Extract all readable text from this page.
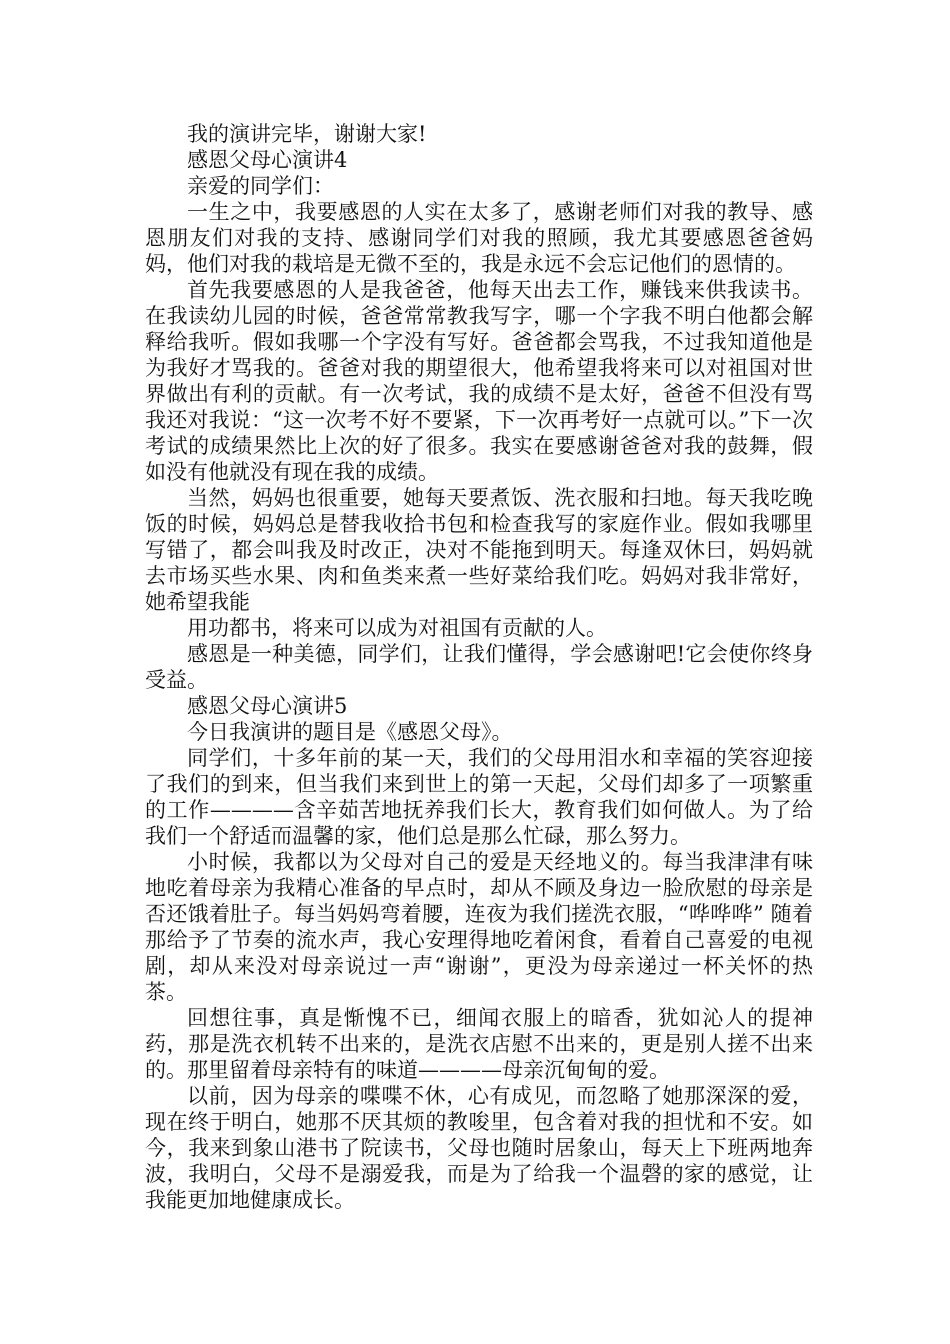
我的演讲完毕，谢谢大家!

感恩父母心演讲4

亲爱的同学们：

一生之中，我要感恩的人实在太多了，感谢老师们对我的教导、感恩朋友们对我的支持、感谢同学们对我的照顾，我尤其要感恩爸爸妈妈，他们对我的栽培是无微不至的，我是永远不会忘记他们的恩情的。

首先我要感恩的人是我爸爸，他每天出去工作，赚钱来供我读书。在我读幼儿园的时候，爸爸常常教我写字，哪一个字我不明白他都会解释给我听。假如我哪一个字没有写好。爸爸都会骂我，不过我知道他是为我好才骂我的。爸爸对我的期望很大，他希望我将来可以对祖国对世界做出有利的贡献。有一次考试，我的成绩不是太好，爸爸不但没有骂我还对我说：“这一次考不好不要紧，下一次再考好一点就可以。”下一次考试的成绩果然比上次的好了很多。我实在要感谢爸爸对我的鼓舞，假如没有他就没有现在我的成绩。

当然，妈妈也很重要，她每天要煮饭、洗衣服和扫地。每天我吃晚饭的时候，妈妈总是替我收拾书包和检查我写的家庭作业。假如我哪里写错了，都会叫我及时改正，决对不能拖到明天。每逢双休曰，妈妈就去市场买些水果、肉和鱼类来煮一些好菜给我们吃。妈妈对我非常好，她希望我能

用功都书，将来可以成为对祖国有贡献的人。

感恩是一种美德，同学们，让我们懂得，学会感谢吧!它会使你终身受益。

感恩父母心演讲5

今日我演讲的题目是《感恩父母》。

同学们，十多年前的某一天，我们的父母用泪水和幸福的笑容迎接了我们的到来，但当我们来到世上的第一天起，父母们却多了一项繁重的工作————含辛茹苦地抚养我们长大，教育我们如何做人。为了给我们一个舒适而温馨的家，他们总是那么忙碌，那么努力。

小时候，我都以为父母对自己的爱是天经地义的。每当我津津有味地吃着母亲为我精心准备的早点时，却从不顾及身边一脸欣慰的母亲是否还饿着肚子。每当妈妈弯着腰，连夜为我们搓洗衣服，“哗哗哗” 随着那给予了节奏的流水声，我心安理得地吃着闲食，看着自己喜爱的电视剧，却从来没对母亲说过一声“谢谢”，更没为母亲递过一杯关怀的热茶。

回想往事，真是惭愧不已，细闻衣服上的暗香，犹如沁人的提神药，那是洗衣机转不出来的，是洗衣店慰不出来的，更是别人搓不出来的。那里留着母亲特有的味道————母亲沉甸甸的爱。

以前，因为母亲的喋喋不休，心有成见，而忽略了她那深深的爱，现在终于明白，她那不厌其烦的教唆里，包含着对我的担忧和不安。如今，我来到象山港书了院读书，父母也随时居象山，每天上下班两地奔波，我明白，父母不是溺爱我，而是为了给我一个温磬的家的感觉，让我能更加地健康成长。
